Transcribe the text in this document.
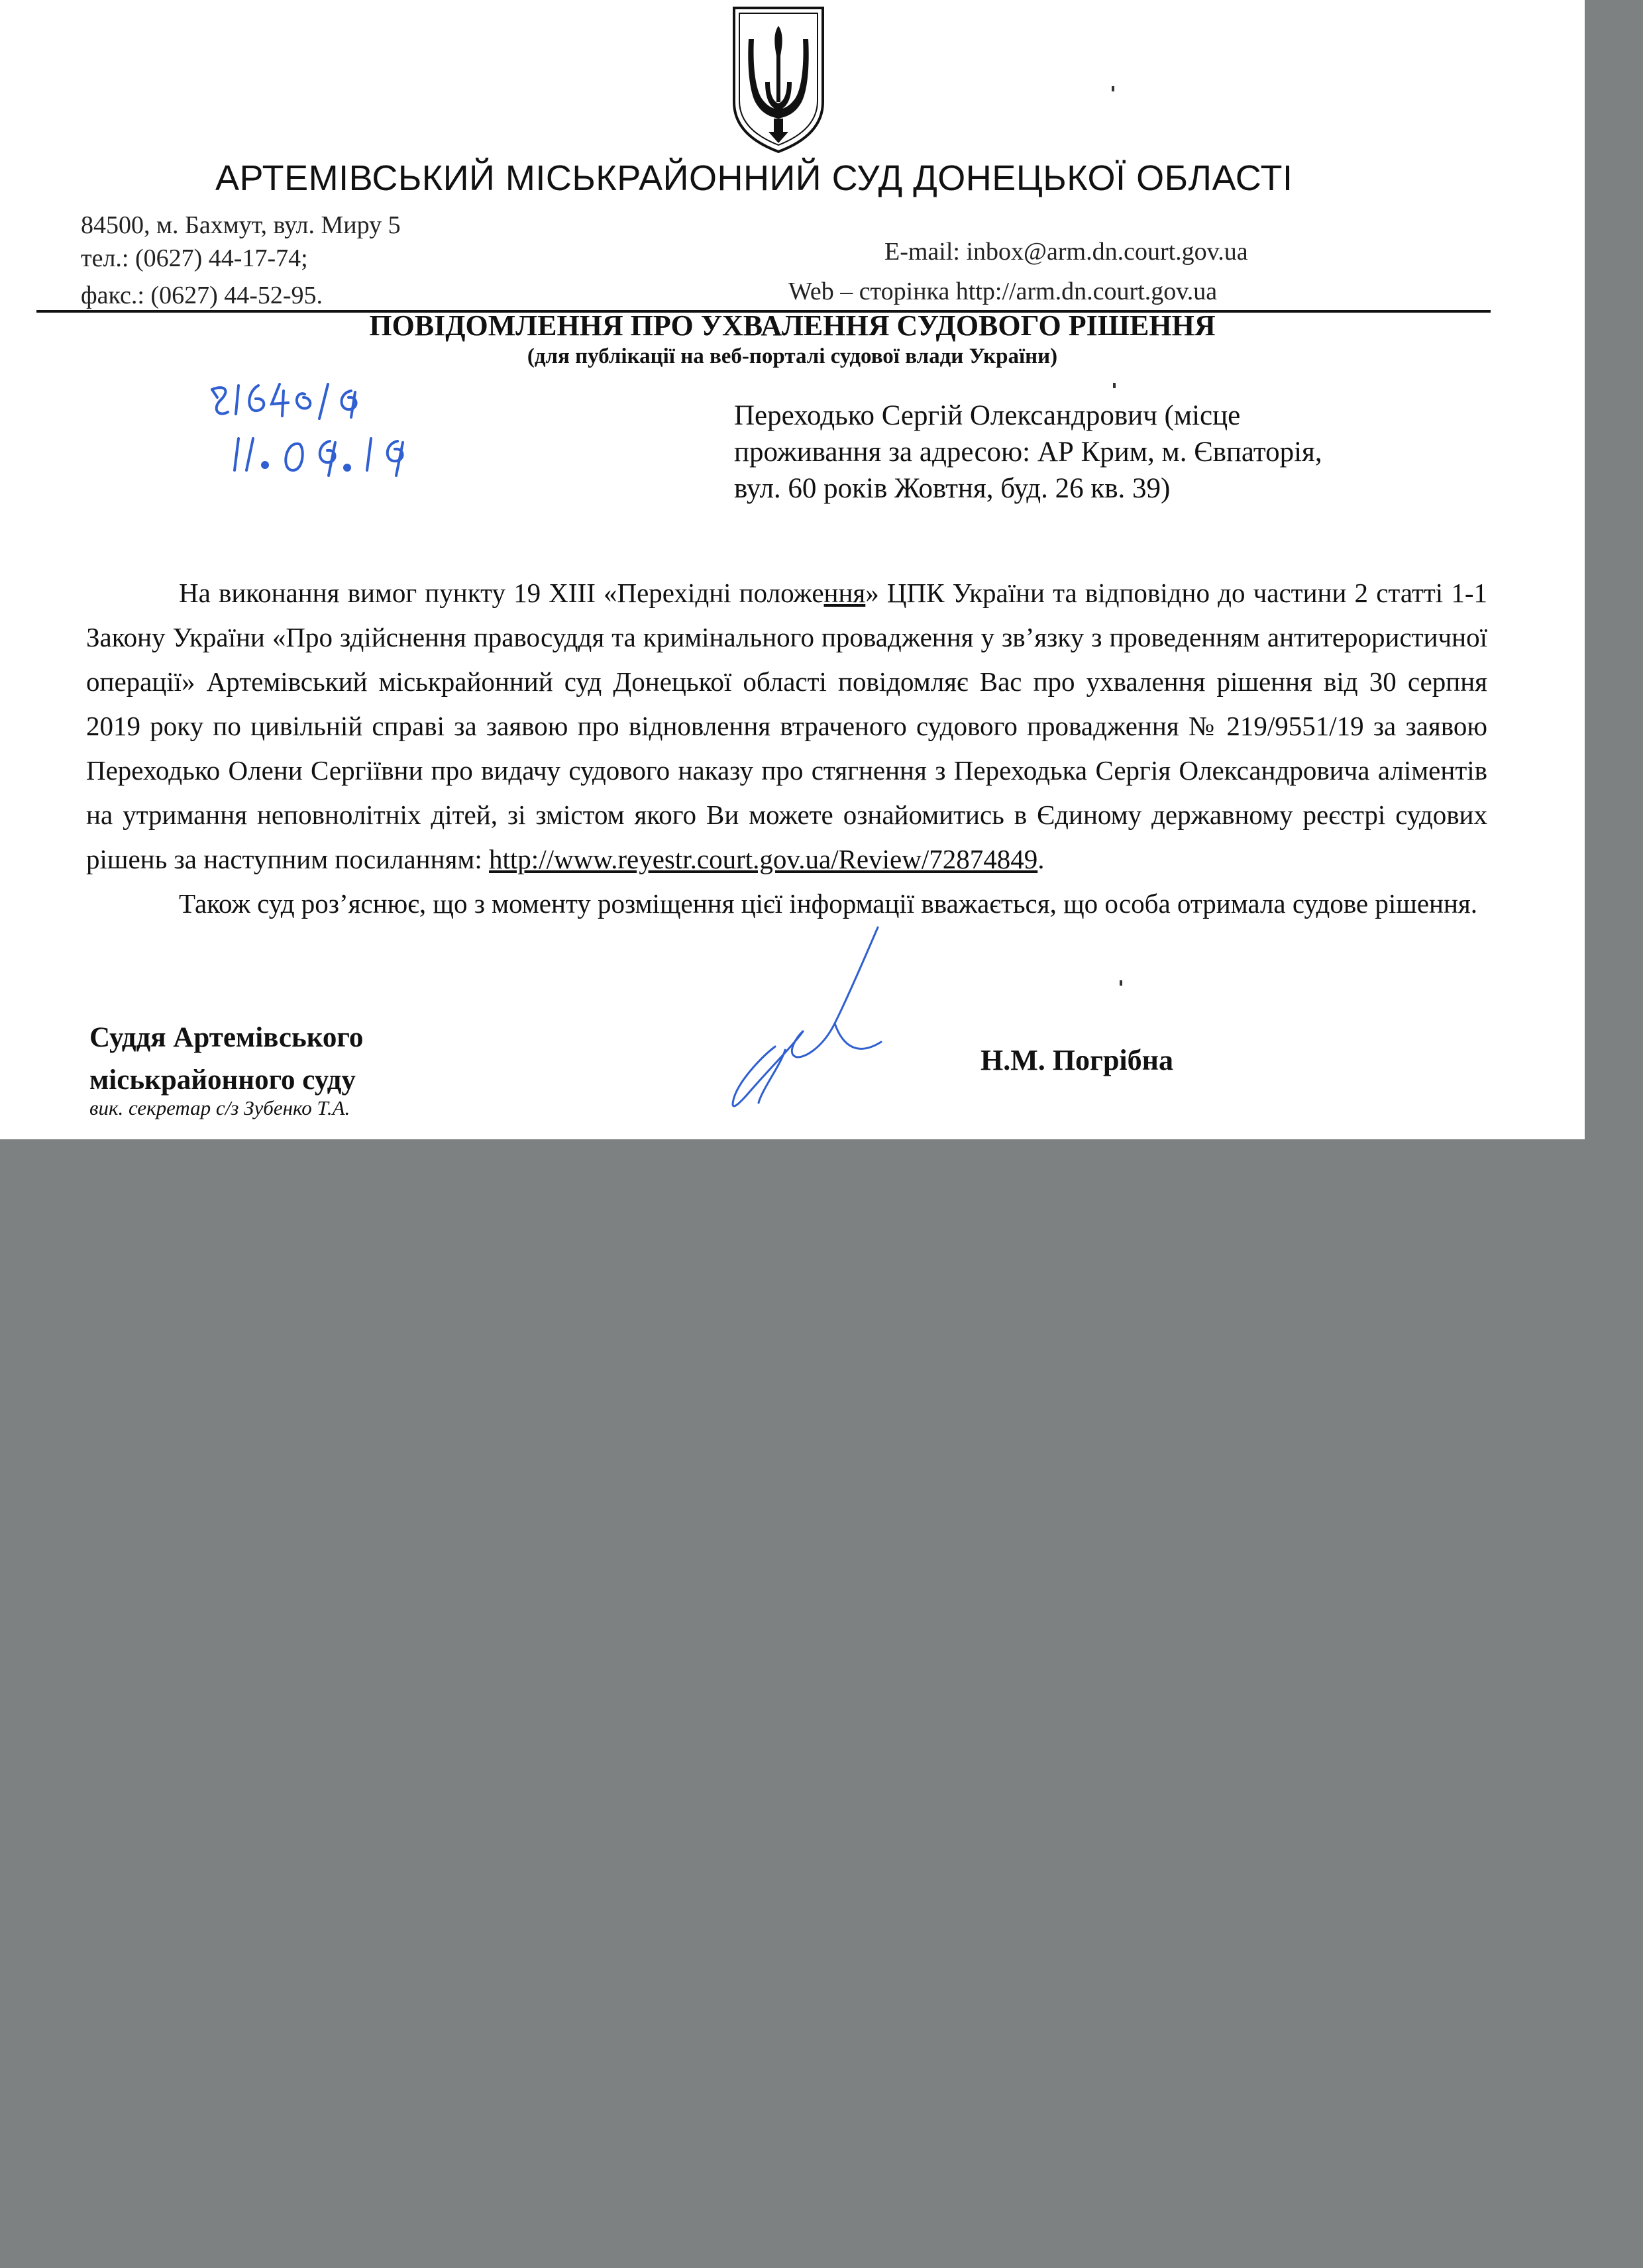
АРТЕМІВСЬКИЙ МІСЬКРАЙОННИЙ СУД ДОНЕЦЬКОЇ ОБЛАСТІ
84500, м. Бахмут, вул. Миру 5
тел.: (0627) 44-17-74;
факс.: (0627) 44-52-95.
E-mail: inbox@arm.dn.court.gov.ua
Web – сторінка http://arm.dn.court.gov.ua
ПОВІДОМЛЕННЯ ПРО УХВАЛЕННЯ СУДОВОГО РІШЕННЯ
(для публікації на веб-порталі судової влади України)
Переходько Сергій Олександрович (місце проживання за адресою: АР Крим, м. Євпаторія, вул. 60 років Жовтня, буд. 26 кв. 39)

На виконання вимог пункту 19 ХIII «Перехідні положення» ЦПК України та відповідно до частини 2 статті 1-1 Закону України «Про здійснення правосуддя та кримінального провадження у зв’язку з проведенням антитерористичної операції» Артемівський міськрайонний суд Донецької області повідомляє Вас про ухвалення рішення від 30 серпня 2019 року по цивільній справі за заявою про відновлення втраченого судового провадження № 219/9551/19 за заявою Переходько Олени Сергіївни про видачу судового наказу про стягнення з Переходька Сергія Олександровича аліментів на утримання неповнолітніх дітей, зі змістом якого Ви можете ознайомитись в Єдиному державному реєстрі судових рішень за наступним посиланням: http://www.reyestr.court.gov.ua/Review/72874849.

Також суд роз’яснює, що з моменту розміщення цієї інформації вважається, що особа отримала судове рішення.

Суддя Артемівського
міськрайонного суду
вик. секретар с/з Зубенко Т.А.
Н.М. Погрібна
